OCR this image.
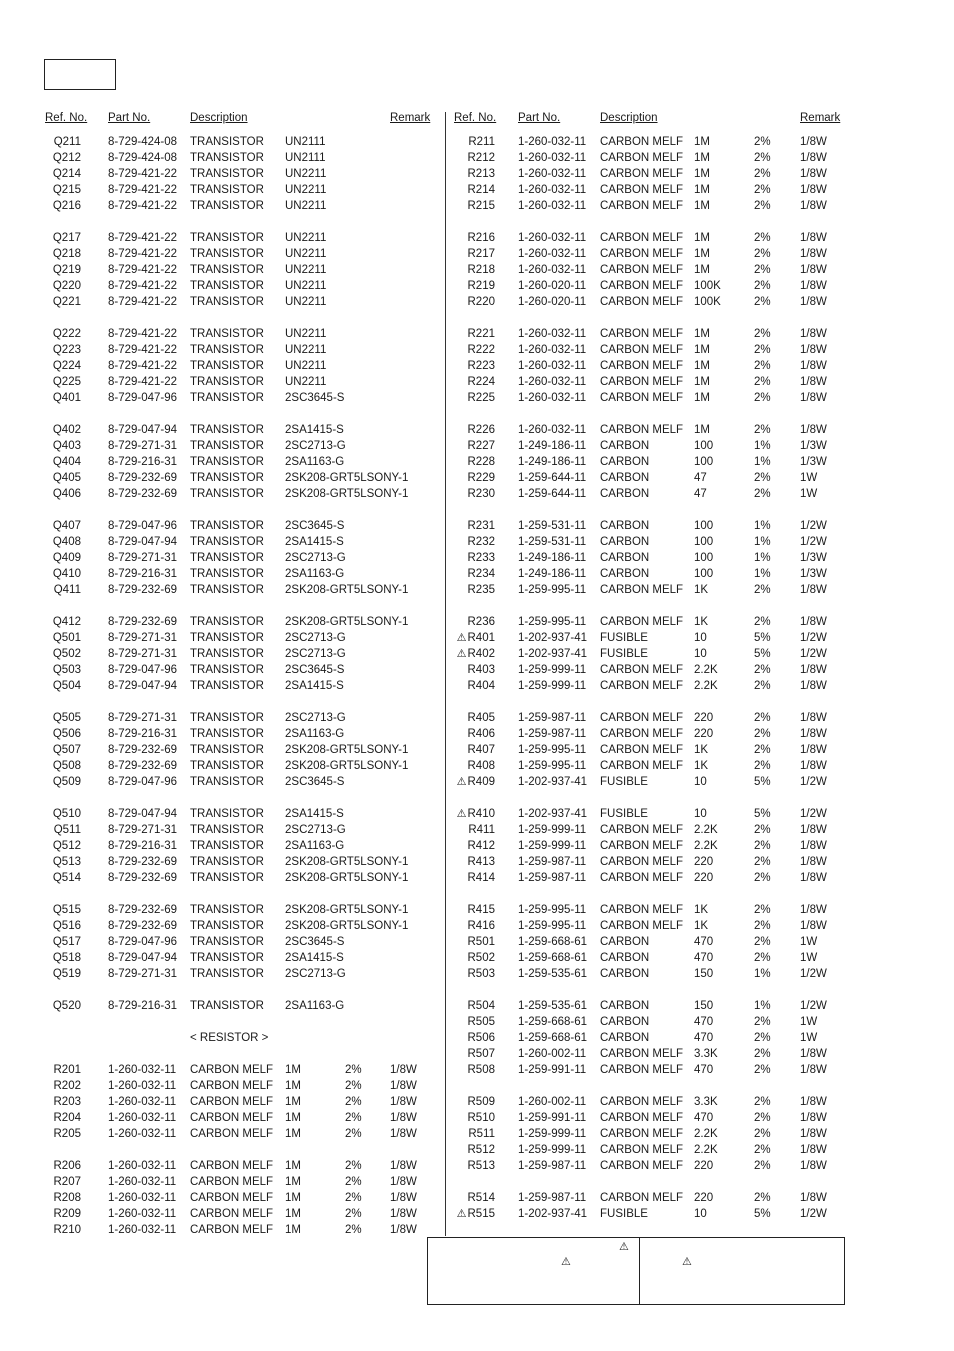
Ref. No. Part No.	Description	Remark
Q211 8-729-424-08 TRANSISTOR UN2111
Q212 8-729-424-08 TRANSISTOR UN2111
Q214 8-729-421-22 TRANSISTOR UN2211
Q215 8-729-421-22 TRANSISTOR UN2211
Q216 8-729-421-22 TRANSISTOR UN2211
Q217 8-729-421-22 TRANSISTOR UN2211
Q218 8-729-421-22 TRANSISTOR UN2211
Q219 8-729-421-22 TRANSISTOR UN2211
Q220 8-729-421-22 TRANSISTOR UN2211
Q221 8-729-421-22 TRANSISTOR UN2211
Q222 8-729-421-22 TRANSISTOR UN2211
Q223 8-729-421-22 TRANSISTOR UN2211
Q224 8-729-421-22 TRANSISTOR UN2211
Q225 8-729-421-22 TRANSISTOR UN2211
Q401 8-729-047-96 TRANSISTOR 2SC3645-S
Q402 8-729-047-94 TRANSISTOR 2SA1415-S
Q403 8-729-271-31 TRANSISTOR 2SC2713-G
Q404 8-729-216-31 TRANSISTOR 2SA1163-G
Q405 8-729-232-69 TRANSISTOR 2SK208-GRT5LSONY-1
Q406 8-729-232-69 TRANSISTOR 2SK208-GRT5LSONY-1
Q407 8-729-047-96 TRANSISTOR 2SC3645-S
Q408 8-729-047-94 TRANSISTOR 2SA1415-S
Q409 8-729-271-31 TRANSISTOR 2SC2713-G
Q410 8-729-216-31 TRANSISTOR 2SA1163-G
Q411 8-729-232-69 TRANSISTOR 2SK208-GRT5LSONY-1
Q412 8-729-232-69 TRANSISTOR 2SK208-GRT5LSONY-1
Q501 8-729-271-31 TRANSISTOR 2SC2713-G
Q502 8-729-271-31 TRANSISTOR 2SC2713-G
Q503 8-729-047-96 TRANSISTOR 2SC3645-S
Q504 8-729-047-94 TRANSISTOR 2SA1415-S
Q505 8-729-271-31 TRANSISTOR 2SC2713-G
Q506 8-729-216-31 TRANSISTOR 2SA1163-G
Q507 8-729-232-69 TRANSISTOR 2SK208-GRT5LSONY-1
Q508 8-729-232-69 TRANSISTOR 2SK208-GRT5LSONY-1
Q509 8-729-047-96 TRANSISTOR 2SC3645-S
Q510 8-729-047-94 TRANSISTOR 2SA1415-S
Q511 8-729-271-31 TRANSISTOR 2SC2713-G
Q512 8-729-216-31 TRANSISTOR 2SA1163-G
Q513 8-729-232-69 TRANSISTOR 2SK208-GRT5LSONY-1
Q514 8-729-232-69 TRANSISTOR 2SK208-GRT5LSONY-1
Q515 8-729-232-69 TRANSISTOR 2SK208-GRT5LSONY-1
Q516 8-729-232-69 TRANSISTOR 2SK208-GRT5LSONY-1
Q517 8-729-047-96 TRANSISTOR 2SC3645-S
Q518 8-729-047-94 TRANSISTOR 2SA1415-S
Q519 8-729-271-31 TRANSISTOR 2SC2713-G
Q520 8-729-216-31 TRANSISTOR 2SA1163-G
< RESISTOR >
R201 1-260-032-11 CARBON MELF 1M	2% 1/8W
R202 1-260-032-11 CARBON MELF 1M	2% 1/8W
R203 1-260-032-11 CARBON MELF 1M	2% 1/8W
R204 1-260-032-11 CARBON MELF 1M	2% 1/8W
R205 1-260-032-11 CARBON MELF 1M	2% 1/8W
R206 1-260-032-11 CARBON MELF 1M	2% 1/8W
R207 1-260-032-11 CARBON MELF 1M	2% 1/8W
R208 1-260-032-11 CARBON MELF 1M	2% 1/8W
R209 1-260-032-11 CARBON MELF 1M	2% 1/8W
R210 1-260-032-11 CARBON MELF 1M	2% 1/8W
Ref. No. Part No.	Description	Remark
R211 1-260-032-11 CARBON MELF 1M	2%	1/8W
R212 1-260-032-11 CARBON MELF 1M	2%	1/8W
R213 1-260-032-11 CARBON MELF 1M	2%	1/8W
R214 1-260-032-11 CARBON MELF 1M	2%	1/8W
R215 1-260-032-11 CARBON MELF 1M	2%	1/8W
R216 1-260-032-11 CARBON MELF 1M	2%	1/8W
R217 1-260-032-11 CARBON MELF 1M	2%	1/8W
R218 1-260-032-11 CARBON MELF 1M	2%	1/8W
R219 1-260-020-11 CARBON MELF 100K	2%	1/8W
R220 1-260-020-11 CARBON MELF 100K	2%	1/8W
R221 1-260-032-11 CARBON MELF 1M	2%	1/8W
R222 1-260-032-11 CARBON MELF 1M	2%	1/8W
R223 1-260-032-11 CARBON MELF 1M	2%	1/8W
R224 1-260-032-11 CARBON MELF 1M	2%	1/8W
R225 1-260-032-11 CARBON MELF 1M	2%	1/8W
R226 1-260-032-11 CARBON MELF 1M	2%	1/8W
R227 1-249-186-11 CARBON	100	1%	1/3W
R228 1-249-186-11 CARBON	100	1%	1/3W
R229 1-259-644-11 CARBON	47	2%	1W
R230 1-259-644-11 CARBON	47	2%	1W
R231 1-259-531-11 CARBON	100	1%	1/2W
R232 1-259-531-11 CARBON	100	1%	1/2W
R233 1-249-186-11 CARBON	100	1%	1/3W
R234 1-249-186-11 CARBON	100	1%	1/3W
R235 1-259-995-11 CARBON MELF 1K	2%	1/8W
R236 1-259-995-11 CARBON MELF 1K	2%	1/8W
⚠R401 1-202-937-41 FUSIBLE	10	5%	1/2W
⚠R402 1-202-937-41 FUSIBLE	10	5%	1/2W
R403 1-259-999-11 CARBON MELF 2.2K	2%	1/8W
R404 1-259-999-11 CARBON MELF 2.2K	2%	1/8W
R405 1-259-987-11 CARBON MELF 220	2%	1/8W
R406 1-259-987-11 CARBON MELF 220	2%	1/8W
R407 1-259-995-11 CARBON MELF 1K	2%	1/8W
R408 1-259-995-11 CARBON MELF 1K	2%	1/8W
⚠R409 1-202-937-41 FUSIBLE	10	5%	1/2W
⚠R410 1-202-937-41 FUSIBLE	10	5%	1/2W
R411 1-259-999-11 CARBON MELF 2.2K	2%	1/8W
R412 1-259-999-11 CARBON MELF 2.2K	2%	1/8W
R413 1-259-987-11 CARBON MELF 220	2%	1/8W
R414 1-259-987-11 CARBON MELF 220	2%	1/8W
R415 1-259-995-11 CARBON MELF 1K	2%	1/8W
R416 1-259-995-11 CARBON MELF 1K	2%	1/8W
R501 1-259-668-61 CARBON	470	2%	1W
R502 1-259-668-61 CARBON	470	2%	1W
R503 1-259-535-61 CARBON	150	1%	1/2W
R504 1-259-535-61 CARBON	150	1%	1/2W
R505 1-259-668-61 CARBON	470	2%	1W
R506 1-259-668-61 CARBON	470	2%	1W
R507 1-260-002-11 CARBON MELF 3.3K	2%	1/8W
R508 1-259-991-11 CARBON MELF 470	2%	1/8W
R509 1-260-002-11 CARBON MELF 3.3K	2%	1/8W
R510 1-259-991-11 CARBON MELF 470	2%	1/8W
R511 1-259-999-11 CARBON MELF 2.2K	2%	1/8W
R512 1-259-999-11 CARBON MELF 2.2K	2%	1/8W
R513 1-259-987-11 CARBON MELF 220	2%	1/8W
R514 1-259-987-11 CARBON MELF 220	2%	1/8W
⚠R515 1-202-937-41 FUSIBLE	10	5%	1/2W
⚠
⚠
⚠
